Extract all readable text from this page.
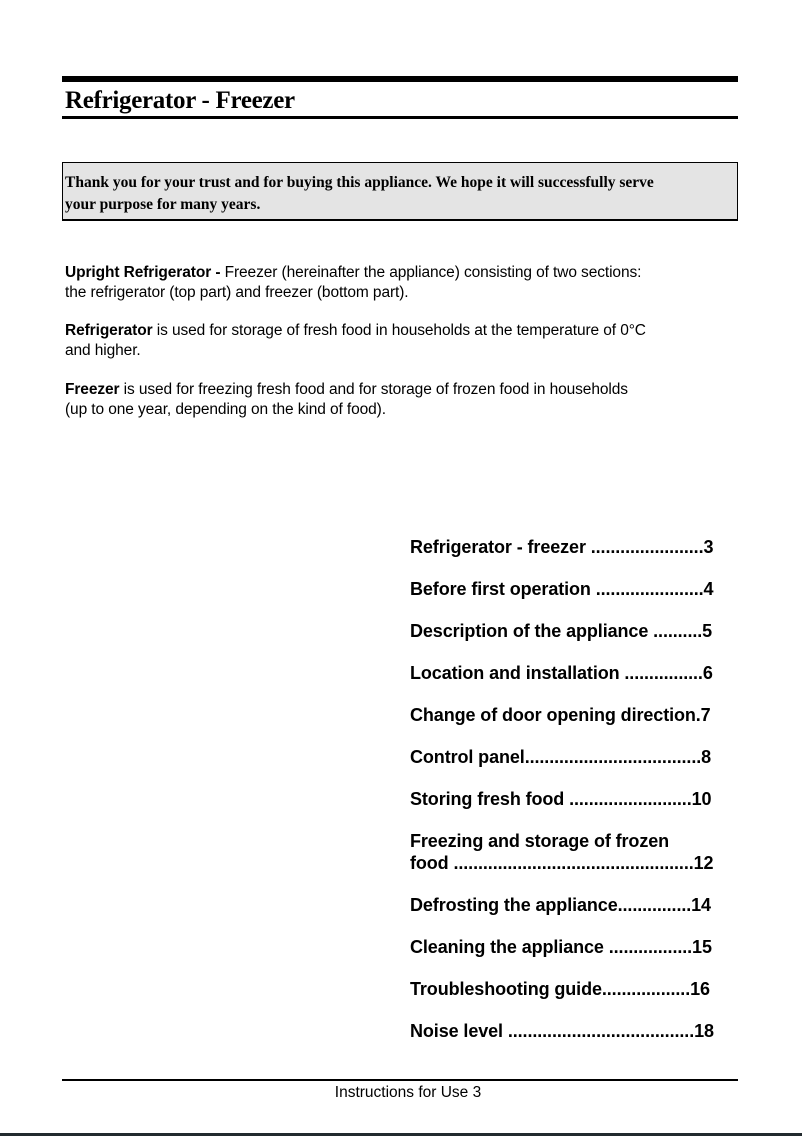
Refrigerator - Freezer
Thank you for your trust and for buying this appliance. We hope it will successfully serve
your purpose for many years.
Upright Refrigerator - Freezer (hereinafter the appliance) consisting of two sections:
the refrigerator (top part) and freezer (bottom part).
Refrigerator is used for storage of fresh food in households at the temperature of 0°C
and higher.
Freezer is used for freezing fresh food and for storage of frozen food in households
(up to one year, depending on the kind of food).
Refrigerator - freezer .......................3
Before first operation ......................4
Description of the appliance ..........5
Location and installation ................6
Change of door opening direction.7
Control panel....................................8
Storing fresh food .........................10
Freezing and storage of frozen
food .................................................12
Defrosting the appliance...............14
Cleaning the appliance .................15
Troubleshooting guide..................16
Noise level ......................................18
Instructions for Use 3
